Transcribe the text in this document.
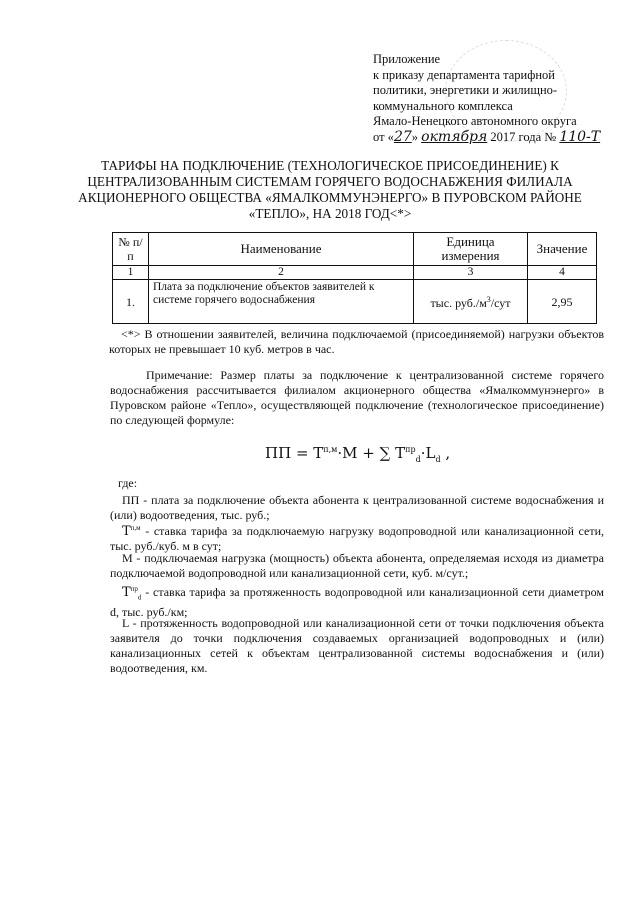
Приложение
к приказу департамента тарифной
политики, энергетики и жилищно-
коммунального комплекса
Ямало-Ненецкого автономного округа
от «27» октября 2017 года № 110-Т
ТАРИФЫ НА ПОДКЛЮЧЕНИЕ (ТЕХНОЛОГИЧЕСКОЕ ПРИСОЕДИНЕНИЕ) К ЦЕНТРАЛИЗОВАННЫМ СИСТЕМАМ ГОРЯЧЕГО ВОДОСНАБЖЕНИЯ ФИЛИАЛА АКЦИОНЕРНОГО ОБЩЕСТВА «ЯМАЛКОММУНЭНЕРГО» В ПУРОВСКОМ РАЙОНЕ «ТЕПЛО», НА 2018 ГОД<*>
№ п/п	Наименование	Единица измерения	Значение
1	2	3	4
1.	Плата за подключение объектов заявителей к системе горячего водоснабжения	тыс. $руб./м^3$/сут	2,95
<*> В отношении заявителей, величина подключаемой (присоединяемой) нагрузки объектов которых не превышает 10 куб. метров в час.
Примечание: Размер платы за подключение к централизованной системе горячего водоснабжения рассчитывается филиалом акционерного общества «Ямалкоммунэнерго» в Пуровском районе «Тепло», осуществляющей подключение (технологическое присоединение) по следующей формуле:
ПП = $T^{п,м}\cdot M$ + ∑ $T^{пр}_d\cdot L_d$ ,
где:
ПП - плата за подключение объекта абонента к централизованной системе водоснабжения и (или) водоотведения, тыс. руб.;
$T^{п,м}$ - ставка тарифа за подключаемую нагрузку водопроводной или канализационной сети, тыс. руб./куб. м в сут;
М - подключаемая нагрузка (мощность) объекта абонента, определяемая исходя из диаметра подключаемой водопроводной или канализационной сети, куб. м/сут.;
$T^{пр}_d$ - ставка тарифа за протяженность водопроводной или канализационной сети диаметром d, тыс. руб./км;
L - протяженность водопроводной или канализационной сети от точки подключения объекта заявителя до точки подключения создаваемых организацией водопроводных и (или) канализационных сетей к объектам централизованной системы водоснабжения и (или) водоотведения, км.
